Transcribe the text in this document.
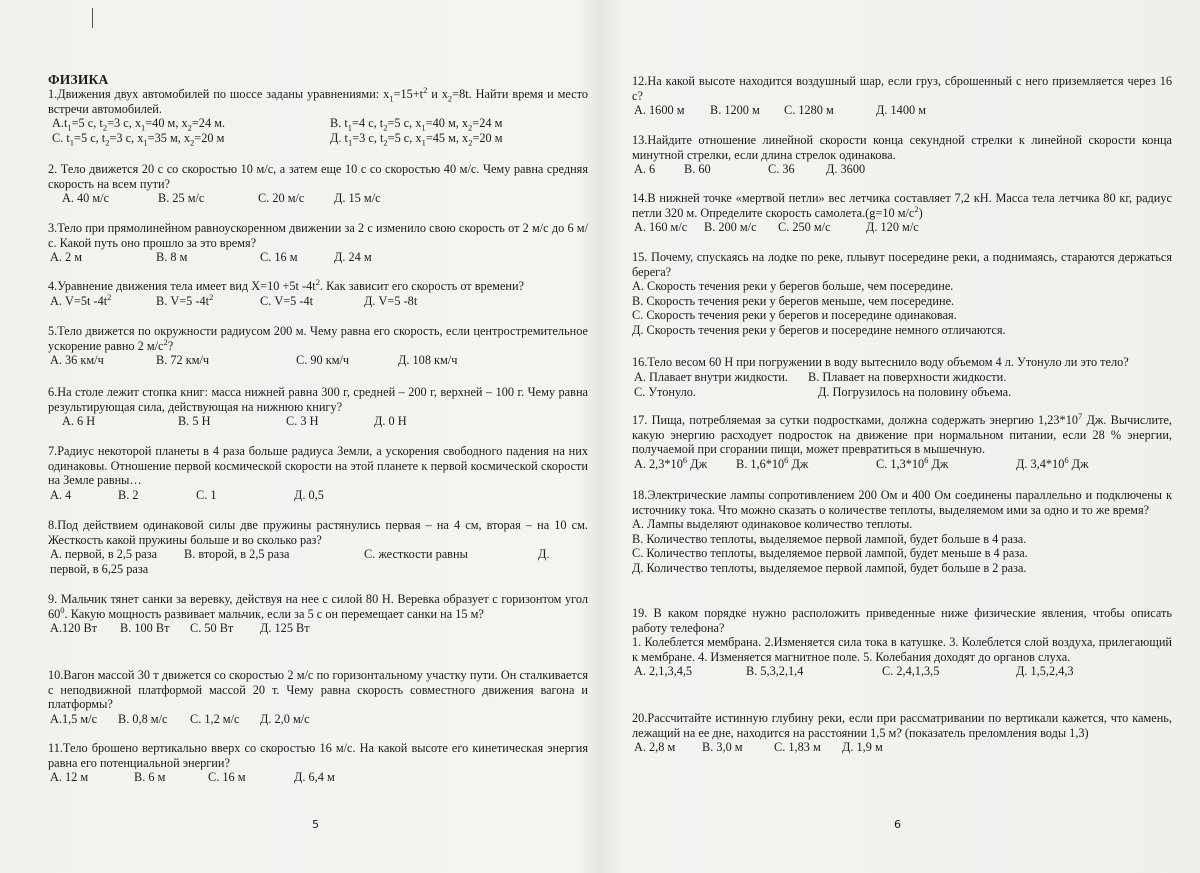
ФИЗИКА
1.Движения двух автомобилей по шоссе заданы уравнениями: $x_1=15+t^2$ и $x_2=8t$. Найти время и место встречи автомобилей.
$А.t_1=5$ с, $t_2=3$ с, $x_1=40$ м, $x_2=24$ м.	В. $t_1=4$ с, $t_2=5$ с, $x_1=40$ м, $x_2=24$ м
С. $t_1=5$ с, $t_2=3$ с, $x_1=35$ м, $x_2=20$ м	Д. $t_1=3$ с, $t_2=5$ с, $x_1=45$ м, $x_2=20$ м
2. Тело движется 20 с со скоростью 10 м/с, а затем еще 10 с со скоростью 40 м/с. Чему равна средняя скорость на всем пути?
А. 40 м/с	В. 25 м/с	С. 20 м/с Д. 15 м/с
3.Тело при прямолинейном равноускоренном движении за 2 с изменило свою скорость от 2 м/с до 6 м/с. Какой путь оно прошло за это время?
А. 2 м	В. 8 м	С. 16 м	Д. 24 м
4.Уравнение движения тела имеет вид X=10 +5t $-4t^2$. Как зависит его скорость от времени?
А. V=5t $-4t^2$	В. V=5 $-4t^2$	С. V=5 -4t	Д. V=5 -8t
5.Тело движется по окружности радиусом 200 м. Чему равна его скорость, если центростремительное ускорение равно 2 $м/с^2$?
А. 36 км/ч	В. 72 км/ч	С. 90 км/ч	Д. 108 км/ч
6.На столе лежит стопка книг: масса нижней равна 300 г, средней – 200 г, верхней – 100 г. Чему равна результирующая сила, действующая на нижнюю книгу?
А. 6 Н	В. 5 Н	С. 3 Н	Д. 0 Н
7.Радиус некоторой планеты в 4 раза больше радиуса Земли, а ускорения свободного падения на них одинаковы. Отношение первой космической скорости на этой планете к первой космической скорости на Земле равны…
А. 4	В. 2	С. 1	Д. 0,5
8.Под действием одинаковой силы две пружины растянулись первая – на 4 см, вторая – на 10 см. Жесткость какой пружины больше и во сколько раз?
А. первой, в 2,5 раза В. второй, в 2,5 раза	С. жесткости равны	Д.
первой, в 6,25 раза
9. Мальчик тянет санки за веревку, действуя на нее с силой 80 Н. Веревка образует с горизонтом угол $60^0$. Какую мощность развивает мальчик, если за 5 с он перемещает санки на 15 м?
А.120 Вт В. 100 Вт С. 50 Вт Д. 125 Вт
10.Вагон массой 30 т движется со скоростью 2 м/с по горизонтальному участку пути. Он сталкивается с неподвижной платформой массой 20 т. Чему равна скорость совместного движения вагона и платформы?
А.1,5 м/с В. 0,8 м/с С. 1,2 м/с Д. 2,0 м/с
11.Тело брошено вертикально вверх со скоростью 16 м/с. На какой высоте его кинетическая энергия равна его потенциальной энергии?
А. 12 м	В. 6 м	С. 16 м	Д. 6,4 м
5
12.На какой высоте находится воздушный шар, если груз, сброшенный с него приземляется через 16 с?
А. 1600 м В. 1200 м С. 1280 м	Д. 1400 м
13.Найдите отношение линейной скорости конца секундной стрелки к линейной скорости конца минутной стрелки, если длина стрелок одинакова.
А. 6 В. 60	С. 36	Д. 3600
14.В нижней точке «мертвой петли» вес летчика составляет 7,2 кН. Масса тела летчика 80 кг, радиус петли 320 м. Определите скорость самолета.(g=10 $м/с^2$)
А. 160 м/с В. 200 м/с С. 250 м/с	Д. 120 м/с
15. Почему, спускаясь на лодке по реке, плывут посередине реки, а поднимаясь, стараются держаться берега?
А. Скорость течения реки у берегов больше, чем посередине.
В. Скорость течения реки у берегов меньше, чем посередине.
С. Скорость течения реки у берегов и посередине одинаковая.
Д. Скорость течения реки у берегов и посередине немного отличаются.
16.Тело весом 60 Н при погружении в воду вытеснило воду объемом 4 л. Утонуло ли это тело?
А. Плавает внутри жидкости. В. Плавает на поверхности жидкости.
С. Утонуло.	Д. Погрузилось на половину объема.
17. Пища, потребляемая за сутки подростками, должна содержать энергию $1,23*10^7$ Дж. Вычислите, какую энергию расходует подросток на движение при нормальном питании, если 28 % энергии, получаемой при сгорании пищи, может превратиться в мышечную.
А. $2,3*10^6$ Дж В. $1,6*10^6$ Дж	С. $1,3*10^6$ Дж	Д. $3,4*10^6$ Дж
18.Электрические лампы сопротивлением 200 Ом и 400 Ом соединены параллельно и подключены к источнику тока. Что можно сказать о количестве теплоты, выделяемом ими за одно и то же время?
А. Лампы выделяют одинаковое количество теплоты.
В. Количество теплоты, выделяемое первой лампой, будет больше в 4 раза.
С. Количество теплоты, выделяемое первой лампой, будет меньше в 4 раза.
Д. Количество теплоты, выделяемое первой лампой, будет больше в 2 раза.
19. В каком порядке нужно расположить приведенные ниже физические явления, чтобы описать работу телефона?
1. Колеблется мембрана. 2.Изменяется сила тока в катушке. 3. Колеблется слой воздуха, прилегающий к мембране. 4. Изменяется магнитное поле. 5. Колебания доходят до органов слуха.
А. 2,1,3,4,5	В. 5,3,2,1,4	С. 2,4,1,3,5	Д. 1,5,2,4,3
20.Рассчитайте истинную глубину реки, если при рассматривании по вертикали кажется, что камень, лежащий на ее дне, находится на расстоянии 1,5 м? (показатель преломления воды 1,3)
А. 2,8 м В. 3,0 м	С. 1,83 м Д. 1,9 м
6
